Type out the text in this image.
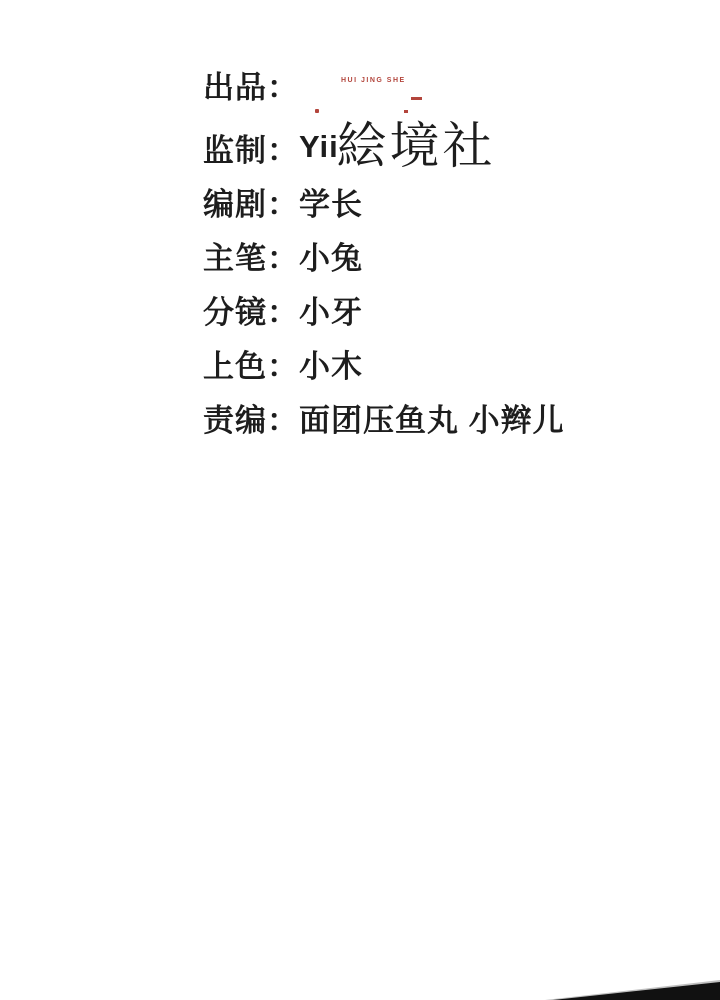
出品：

	HUI JING SHE

絵境社

监制： Yii
编剧： 学长
主笔： 小兔
分镜： 小牙
上色： 小木
责编： 面团压鱼丸 小辫儿
